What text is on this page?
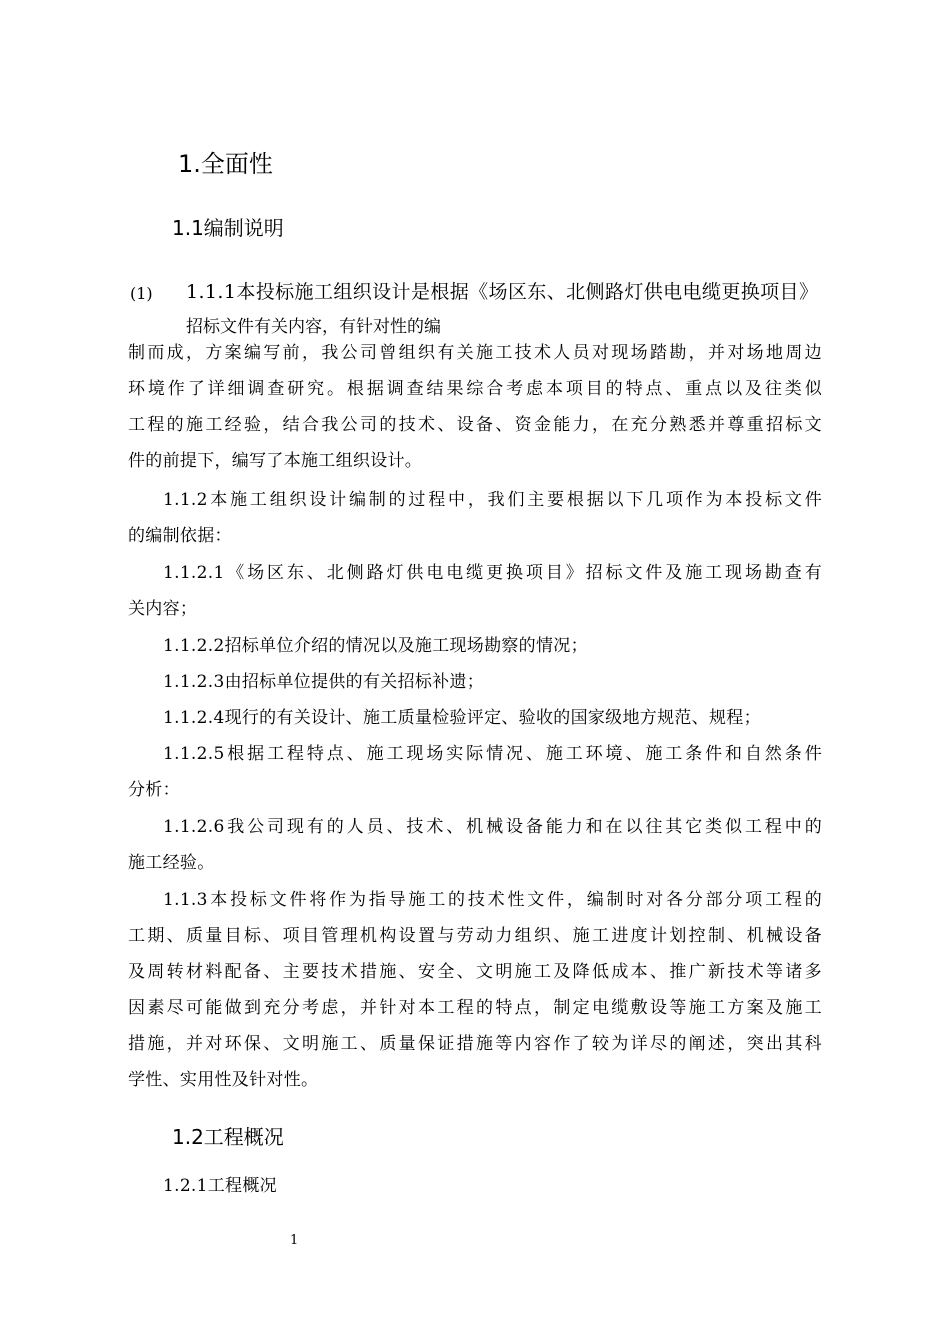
1.全面性
1.1编制说明
(1) 1.1.1本投标施工组织设计是根据《场区东、北侧路灯供电电缆更换项目》
招标文件有关内容，有针对性的编
制而成，方案编写前，我公司曾组织有关施工技术人员对现场踏勘，并对场地周边
环境作了详细调查研究。根据调查结果综合考虑本项目的特点、重点以及往类似
工程的施工经验，结合我公司的技术、设备、资金能力，在充分熟悉并尊重招标文
件的前提下，编写了本施工组织设计。
1.1.2本施工组织设计编制的过程中，我们主要根据以下几项作为本投标文件
的编制依据：
1.1.2.1《场区东、北侧路灯供电电缆更换项目》招标文件及施工现场勘查有
关内容；
1.1.2.2招标单位介绍的情况以及施工现场勘察的情况；
1.1.2.3由招标单位提供的有关招标补遗；
1.1.2.4现行的有关设计、施工质量检验评定、验收的国家级地方规范、规程；
1.1.2.5根据工程特点、施工现场实际情况、施工环境、施工条件和自然条件
分析：
1.1.2.6我公司现有的人员、技术、机械设备能力和在以往其它类似工程中的
施工经验。
1.1.3本投标文件将作为指导施工的技术性文件，编制时对各分部分项工程的
工期、质量目标、项目管理机构设置与劳动力组织、施工进度计划控制、机械设备
及周转材料配备、主要技术措施、安全、文明施工及降低成本、推广新技术等诸多
因素尽可能做到充分考虑，并针对本工程的特点，制定电缆敷设等施工方案及施工
措施，并对环保、文明施工、质量保证措施等内容作了较为详尽的阐述，突出其科
学性、实用性及针对性。
1.2工程概况
1.2.1工程概况
1
